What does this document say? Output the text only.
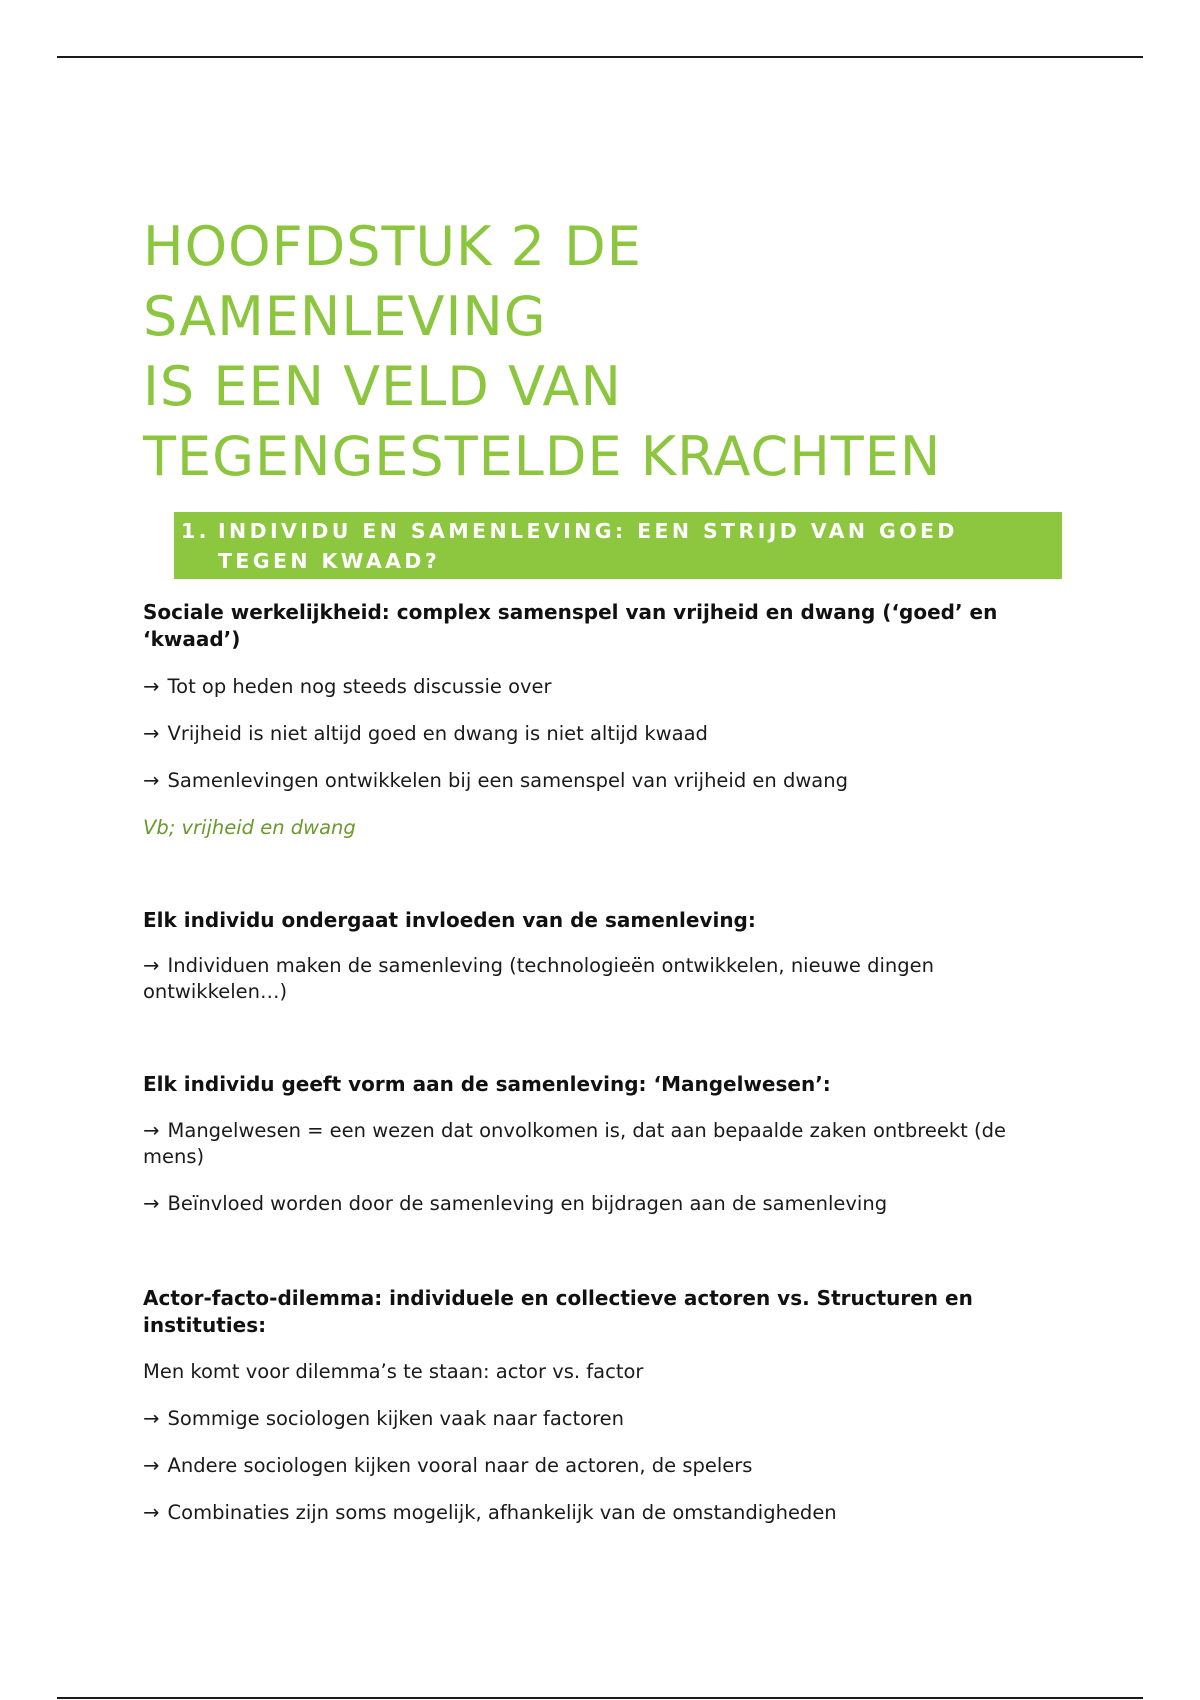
HOOFDSTUK 2 DE SAMENLEVING
IS EEN VELD VAN
TEGENGESTELDE KRACHTEN
1. INDIVIDU EN SAMENLEVING: EEN STRIJD VAN GOED TEGEN KWAAD?

Sociale werkelijkheid: complex samenspel van vrijheid en dwang (‘goed’ en ‘kwaad’)

→ Tot op heden nog steeds discussie over

→ Vrijheid is niet altijd goed en dwang is niet altijd kwaad

→ Samenlevingen ontwikkelen bij een samenspel van vrijheid en dwang

Vb; vrijheid en dwang

Elk individu ondergaat invloeden van de samenleving:

→ Individuen maken de samenleving (technologieën ontwikkelen, nieuwe dingen ontwikkelen…)

Elk individu geeft vorm aan de samenleving: ‘Mangelwesen’:

→ Mangelwesen = een wezen dat onvolkomen is, dat aan bepaalde zaken ontbreekt (de mens)

→ Beïnvloed worden door de samenleving en bijdragen aan de samenleving

Actor-facto-dilemma: individuele en collectieve actoren vs. Structuren en instituties:

Men komt voor dilemma’s te staan: actor vs. factor

→ Sommige sociologen kijken vaak naar factoren

→ Andere sociologen kijken vooral naar de actoren, de spelers

→ Combinaties zijn soms mogelijk, afhankelijk van de omstandigheden
